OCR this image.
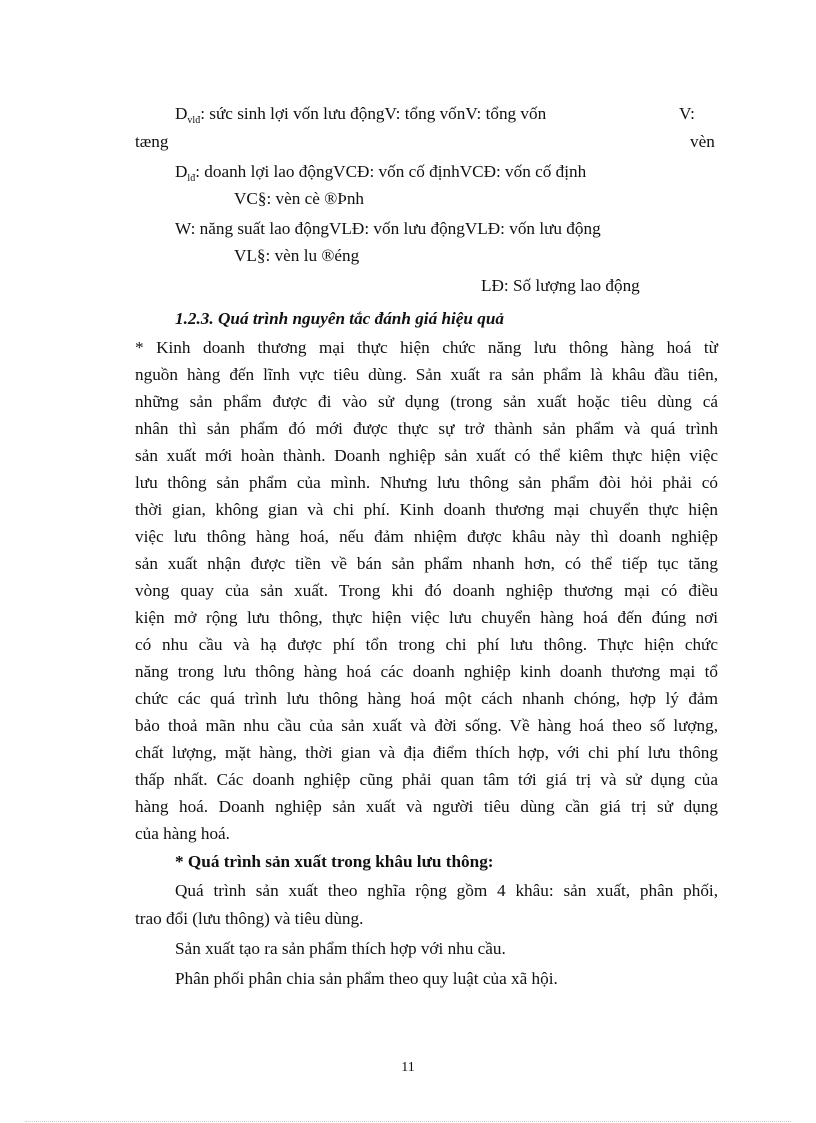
$D_{vlđ}$: sức sinh lợi vốn lưu độngV: tổng vốnV: tổng vốn	V:
tæng	vèn
$D_{lđ}$: doanh lợi lao độngVCĐ: vốn cố địnhVCĐ: vốn cố định
VC§: vèn cè ®Þnh
W: năng suất lao độngVLĐ: vốn lưu độngVLĐ: vốn lưu động
VL§: vèn lu ®éng
LĐ: Số lượng lao động
1.2.3. Quá trình nguyên tắc đánh giá hiệu quả
* Kinh doanh thương mại thực hiện chức năng lưu thông hàng hoá từ
nguồn hàng đến lĩnh vực tiêu dùng. Sản xuất ra sản phẩm là khâu đầu tiên,
những sản phẩm được đi vào sử dụng (trong sản xuất hoặc tiêu dùng cá
nhân thì sản phẩm đó mới được thực sự trở thành sản phẩm và quá trình
sản xuất mới hoàn thành. Doanh nghiệp sản xuất có thể kiêm thực hiện việc
lưu thông sản phẩm của mình. Nhưng lưu thông sản phẩm đòi hỏi phải có
thời gian, không gian và chi phí. Kinh doanh thương mại chuyển thực hiện
việc lưu thông hàng hoá, nếu đảm nhiệm được khâu này thì doanh nghiệp
sản xuất nhận được tiền về bán sản phẩm nhanh hơn, có thể tiếp tục tăng
vòng quay của sản xuất. Trong khi đó doanh nghiệp thương mại có điều
kiện mở rộng lưu thông, thực hiện việc lưu chuyển hàng hoá đến đúng nơi
có nhu cầu và hạ được phí tổn trong chi phí lưu thông. Thực hiện chức
năng trong lưu thông hàng hoá các doanh nghiệp kinh doanh thương mại tổ
chức các quá trình lưu thông hàng hoá một cách nhanh chóng, hợp lý đảm
bảo thoả mãn nhu cầu của sản xuất và đời sống. Về hàng hoá theo số lượng,
chất lượng, mặt hàng, thời gian và địa điểm thích hợp, với chi phí lưu thông
thấp nhất. Các doanh nghiệp cũng phải quan tâm tới giá trị và sử dụng của
hàng hoá. Doanh nghiệp sản xuất và người tiêu dùng cần giá trị sử dụng
của hàng hoá.
* Quá trình sản xuất trong khâu lưu thông:
Quá trình sản xuất theo nghĩa rộng gồm 4 khâu: sản xuất, phân phối,
trao đổi (lưu thông) và tiêu dùng.
Sản xuất tạo ra sản phẩm thích hợp với nhu cầu.
Phân phối phân chia sản phẩm theo quy luật của xã hội.
11
